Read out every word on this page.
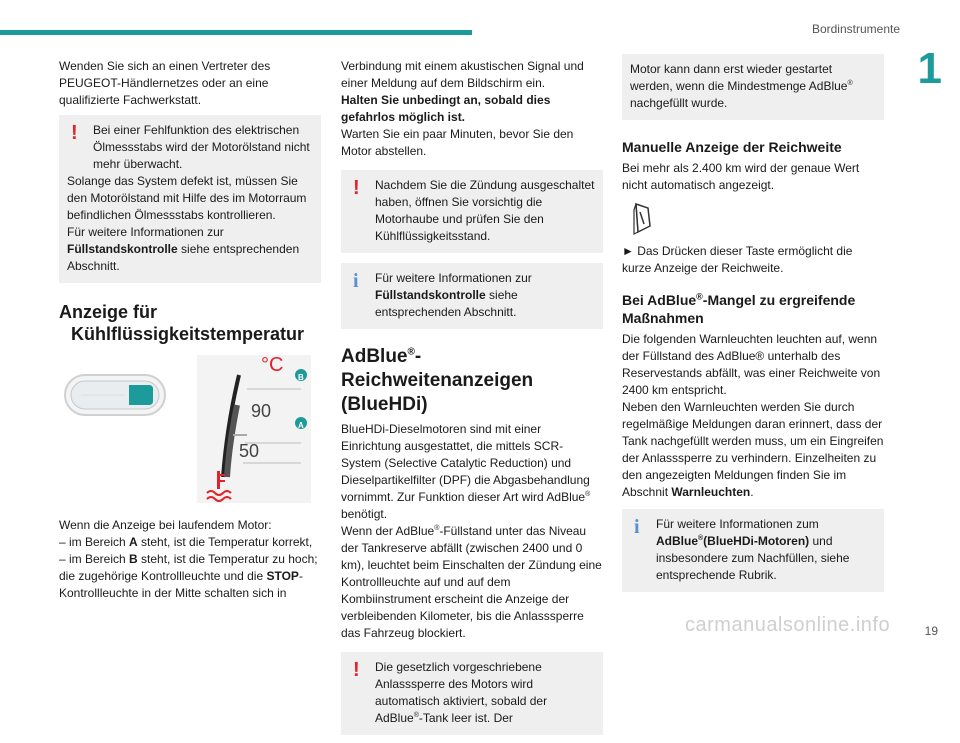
Bordinstrumente
1

Wenden Sie sich an einen Vertreter des PEUGEOT-Händlernetzes oder an eine qualifizierte Fachwerkstatt.

!	Bei einer Fehlfunktion des elektrischen Ölmessstabs wird der Motorölstand nicht mehr überwacht.

Solange das System defekt ist, müssen Sie den Motorölstand mit Hilfe des im Motorraum befindlichen Ölmessstabs kontrollieren.

Für weitere Informationen zur Füllstandskontrolle siehe entsprechenden Abschnitt.

Anzeige für
Kühlflüssigkeitstemperatur
°C
B
90
A
50

Wenn die Anzeige bei laufendem Motor:

– im Bereich A steht, ist die Temperatur korrekt,

– im Bereich B steht, ist die Temperatur zu hoch; die zugehörige Kontrollleuchte und die STOP-Kontrollleuchte in der Mitte schalten sich in

Verbindung mit einem akustischen Signal und einer Meldung auf dem Bildschirm ein.

Halten Sie unbedingt an, sobald dies gefahrlos möglich ist.

Warten Sie ein paar Minuten, bevor Sie den Motor abstellen.

!	Nachdem Sie die Zündung ausgeschaltet haben, öffnen Sie vorsichtig die Motorhaube und prüfen Sie den Kühlflüssigkeitsstand.

i	Für weitere Informationen zur Füllstandskontrolle siehe entsprechenden Abschnitt.

AdBlue®-Reichweitenanzeigen
(BlueHDi)

BlueHDi-Dieselmotoren sind mit einer Einrichtung ausgestattet, die mittels SCR-System (Selective Catalytic Reduction) und Dieselpartikelfilter (DPF) die Abgasbehandlung vornimmt. Zur Funktion dieser Art wird AdBlue® benötigt.

Wenn der AdBlue®-Füllstand unter das Niveau der Tankreserve abfällt (zwischen 2400 und 0 km), leuchtet beim Einschalten der Zündung eine Kontrollleuchte auf und auf dem Kombiinstrument erscheint die Anzeige der verbleibenden Kilometer, bis die Anlasssperre das Fahrzeug blockiert.

!	Die gesetzlich vorgeschriebene Anlasssperre des Motors wird automatisch aktiviert, sobald der AdBlue®-Tank leer ist. Der

Motor kann dann erst wieder gestartet werden, wenn die Mindestmenge AdBlue® nachgefüllt wurde.

Manuelle Anzeige der Reichweite

Bei mehr als 2.400 km wird der genaue Wert nicht automatisch angezeigt.

► Das Drücken dieser Taste ermöglicht die kurze Anzeige der Reichweite.

Bei AdBlue®-Mangel zu ergreifende Maßnahmen

Die folgenden Warnleuchten leuchten auf, wenn der Füllstand des AdBlue® unterhalb des Reservestands abfällt, was einer Reichweite von 2400 km entspricht.

Neben den Warnleuchten werden Sie durch regelmäßige Meldungen daran erinnert, dass der Tank nachgefüllt werden muss, um ein Eingreifen der Anlasssperre zu verhindern. Einzelheiten zu den angezeigten Meldungen finden Sie im Abschnit Warnleuchten.

i	Für weitere Informationen zum AdBlue®(BlueHDi-Motoren) und insbesondere zum Nachfüllen, siehe entsprechende Rubrik.

carmanualsonline.info	19
